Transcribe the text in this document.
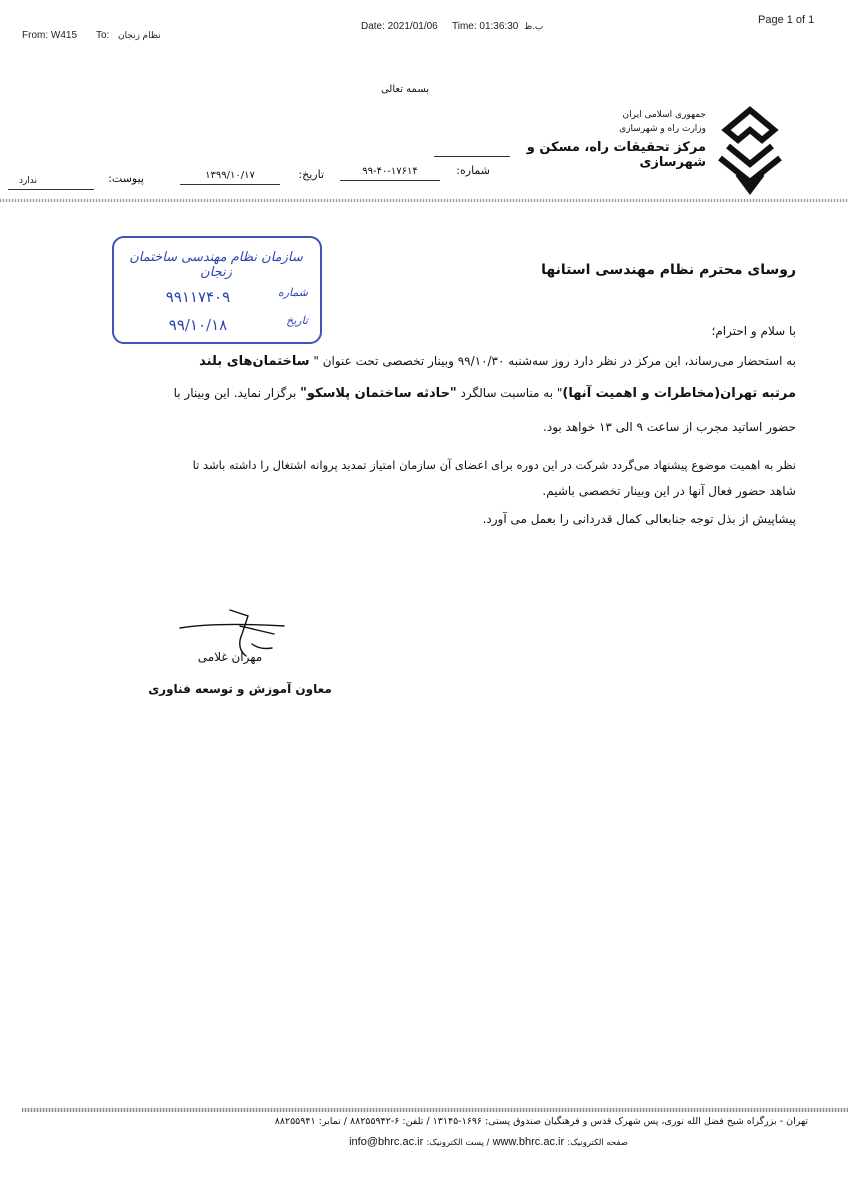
From: W415 To: نظام زنجان
Date: 2021/01/06 Time: 01:36:30 ب.ظ	Page 1 of 1
بسمه تعالی
جمهوری اسلامی ایران
وزارت راه و شهرسازی
مرکز تحقیقات راه، مسکن و شهرسازی
شماره:
۹۹-۴۰-۱۷۶۱۴
تاریخ:
۱۳۹۹/۱۰/۱۷
پیوست:
ندارد
سازمان نظام مهندسی ساختمان زنجان
شماره
۹۹۱۱۷۴۰۹
تاریخ
۹۹/۱۰/۱۸
روسای محترم نظام مهندسی استانها
با سلام و احترام؛
به استحضار می‌رساند، این مرکز در نظر دارد روز سه‌شنبه ۹۹/۱۰/۳۰ وبینار تخصصی تحت عنوان " ساختمان‌های بلند
مرتبه تهران(مخاطرات و اهمیت آنها)" به مناسبت سالگرد "حادثه ساختمان پلاسکو" برگزار نماید. این وبینار با
حضور اساتید مجرب از ساعت ۹ الی ۱۳ خواهد بود.
نظر به اهمیت موضوع پیشنهاد می‌گردد شرکت در این دوره برای اعضای آن سازمان امتیاز تمدید پروانه اشتغال را داشته باشد تا
شاهد حضور فعال آنها در این وبینار تخصصی باشیم.
پیشاپیش از بذل توجه جنابعالی کمال قدردانی را بعمل می آورد.
مهران غلامی
معاون آموزش و توسعه فناوری
تهران - بزرگراه شیخ فضل الله نوری، پس شهرک قدس و فرهنگیان صندوق پستی: ۱۶۹۶-۱۳۱۴۵ / تلفن: ۶-۸۸۲۵۵۹۴۲ / نمابر: ۸۸۲۵۵۹۴۱
info@bhrc.ac.ir / پست الکترونیک: www.bhrc.ac.ir صفحه الکترونیک:
